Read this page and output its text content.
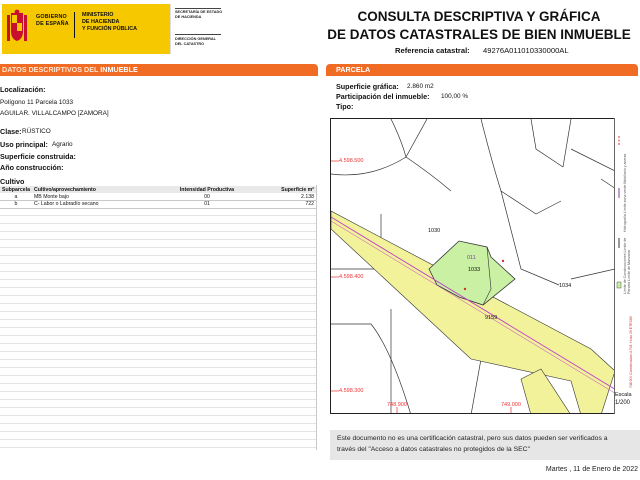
GOBIERNO
DE ESPAÑA
MINISTERIO
DE HACIENDA
Y FUNCIÓN PÚBLICA
SECRETARÍA DE ESTADO
DE HACIENDA
DIRECCIÓN GENERAL
DEL CATASTRO
CONSULTA DESCRIPTIVA Y GRÁFICA
DE DATOS CATASTRALES DE BIEN INMUEBLE
Referencia catastral: 49276A011010330000AL
DATOS DESCRIPTIVOS DEL INMUEBLE	PARCELA
Localización:
Polígono 11 Parcela 1033
AGUILAR. VILLALCAMPO [ZAMORA]
Clase: RÚSTICO
Uso principal: Agrario
Superficie construida:
Año construcción:
Cultivo
Subparcela	Cultivo/aprovechamiento	Intensidad Productiva	Superficie m²
a	MB Monte bajo	00	2.138
b	C- Labor o Labradío secano	01	722
Superficie gráfica: 2.860 m2
Participación del inmueble: 100,00 %
Tipo:
1030
011
1033
1034
9159
4.598.500
4.598.400
4.598.300
748.900	749.000
Hidrografía Límite zona verde Mobiliario y aceras
Límite de Construcciones Límite de Parcela Límite de Manzana
748.900 Coordenadas U.T.M. Huso 29 ETRS89
Escala
1/200
Este documento no es una certificación catastral, pero sus datos pueden ser verificados a
través del "Acceso a datos catastrales no protegidos de la SEC"
Martes , 11 de Enero de 2022
